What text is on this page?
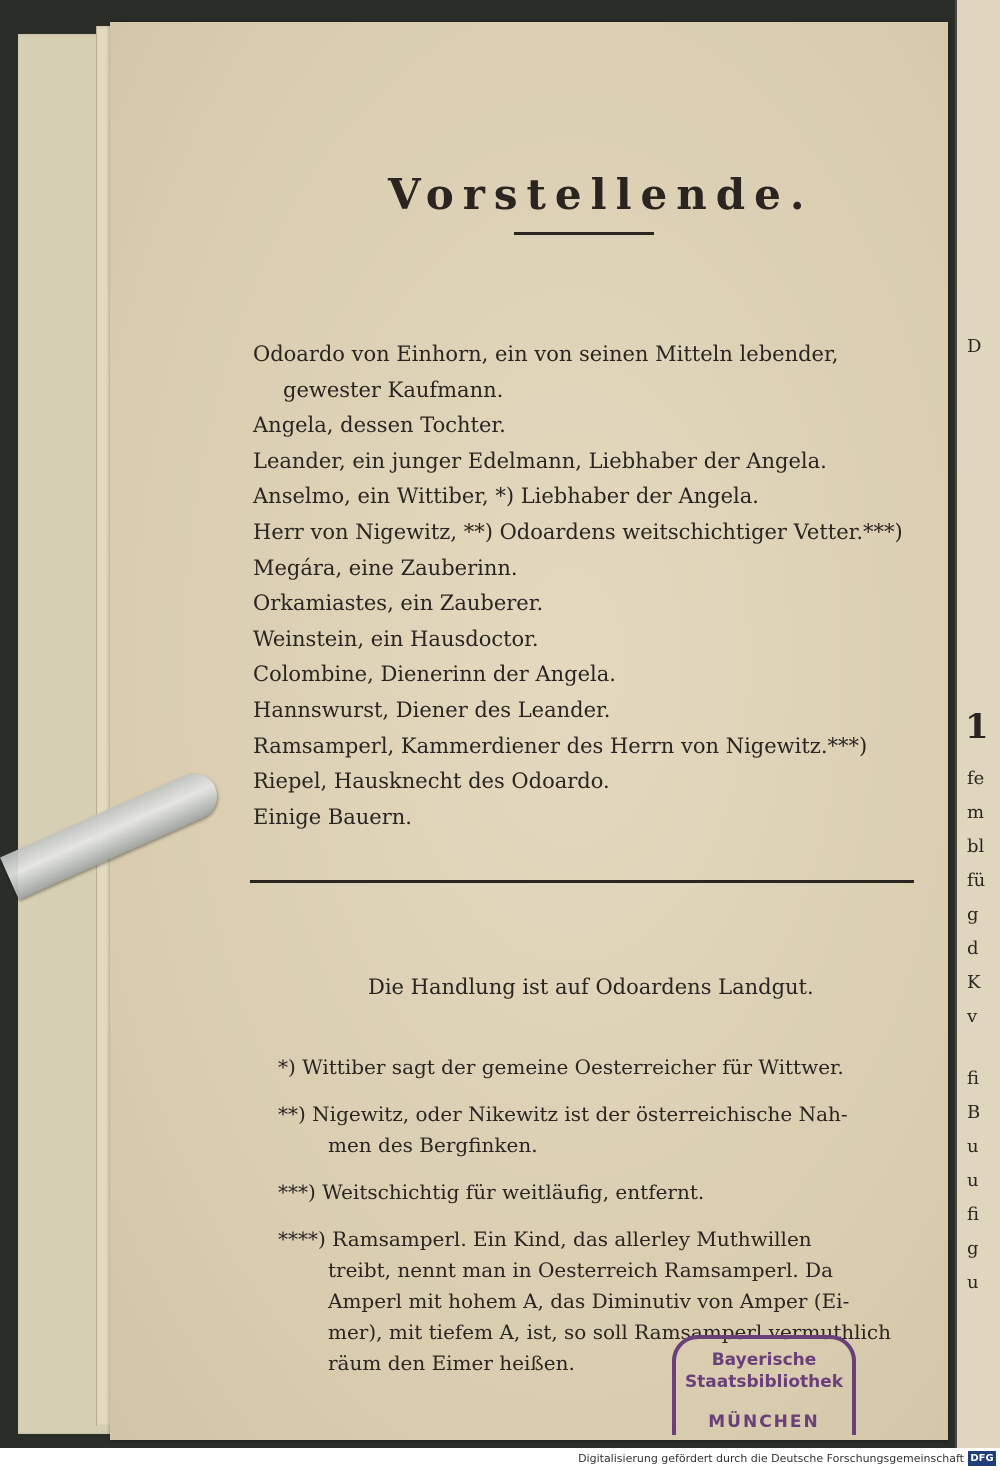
D
1
fe
m
bl
fü
g
d
K
v
fi
B
u
u
fi
g
u
Vorstellende.
Odoardo von Einhorn, ein von seinen Mitteln lebender,
gewester Kaufmann.
Angela, dessen Tochter.
Leander, ein junger Edelmann, Liebhaber der Angela.
Anselmo, ein Wittiber, *) Liebhaber der Angela.
Herr von Nigewitz, **) Odoardens weitschichtiger Vetter.***)
Megára, eine Zauberinn.
Orkamiastes, ein Zauberer.
Weinstein, ein Hausdoctor.
Colombine, Dienerinn der Angela.
Hannswurst, Diener des Leander.
Ramsamperl, Kammerdiener des Herrn von Nigewitz.***)
Riepel, Hausknecht des Odoardo.
Einige Bauern.
Die Handlung ist auf Odoardens Landgut.

*) Wittiber sagt der gemeine Oesterreicher für Wittwer.

**) Nigewitz, oder Nikewitz ist der österreichische Nah-

men des Bergfinken.

***) Weitschichtig für weitläufig, entfernt.

****) Ramsamperl. Ein Kind, das allerley Muthwillen

treibt, nennt man in Oesterreich Ramsamperl. Da

Amperl mit hohem A, das Diminutiv von Amper (Ei-

mer), mit tiefem A, ist, so soll Ramsamperl vermuthlich

räum den Eimer heißen.	Bayerische
Staatsbibliothek
MÜNCHEN
Digitalisierung gefördert durch die Deutsche Forschungsgemeinschaft DFG
